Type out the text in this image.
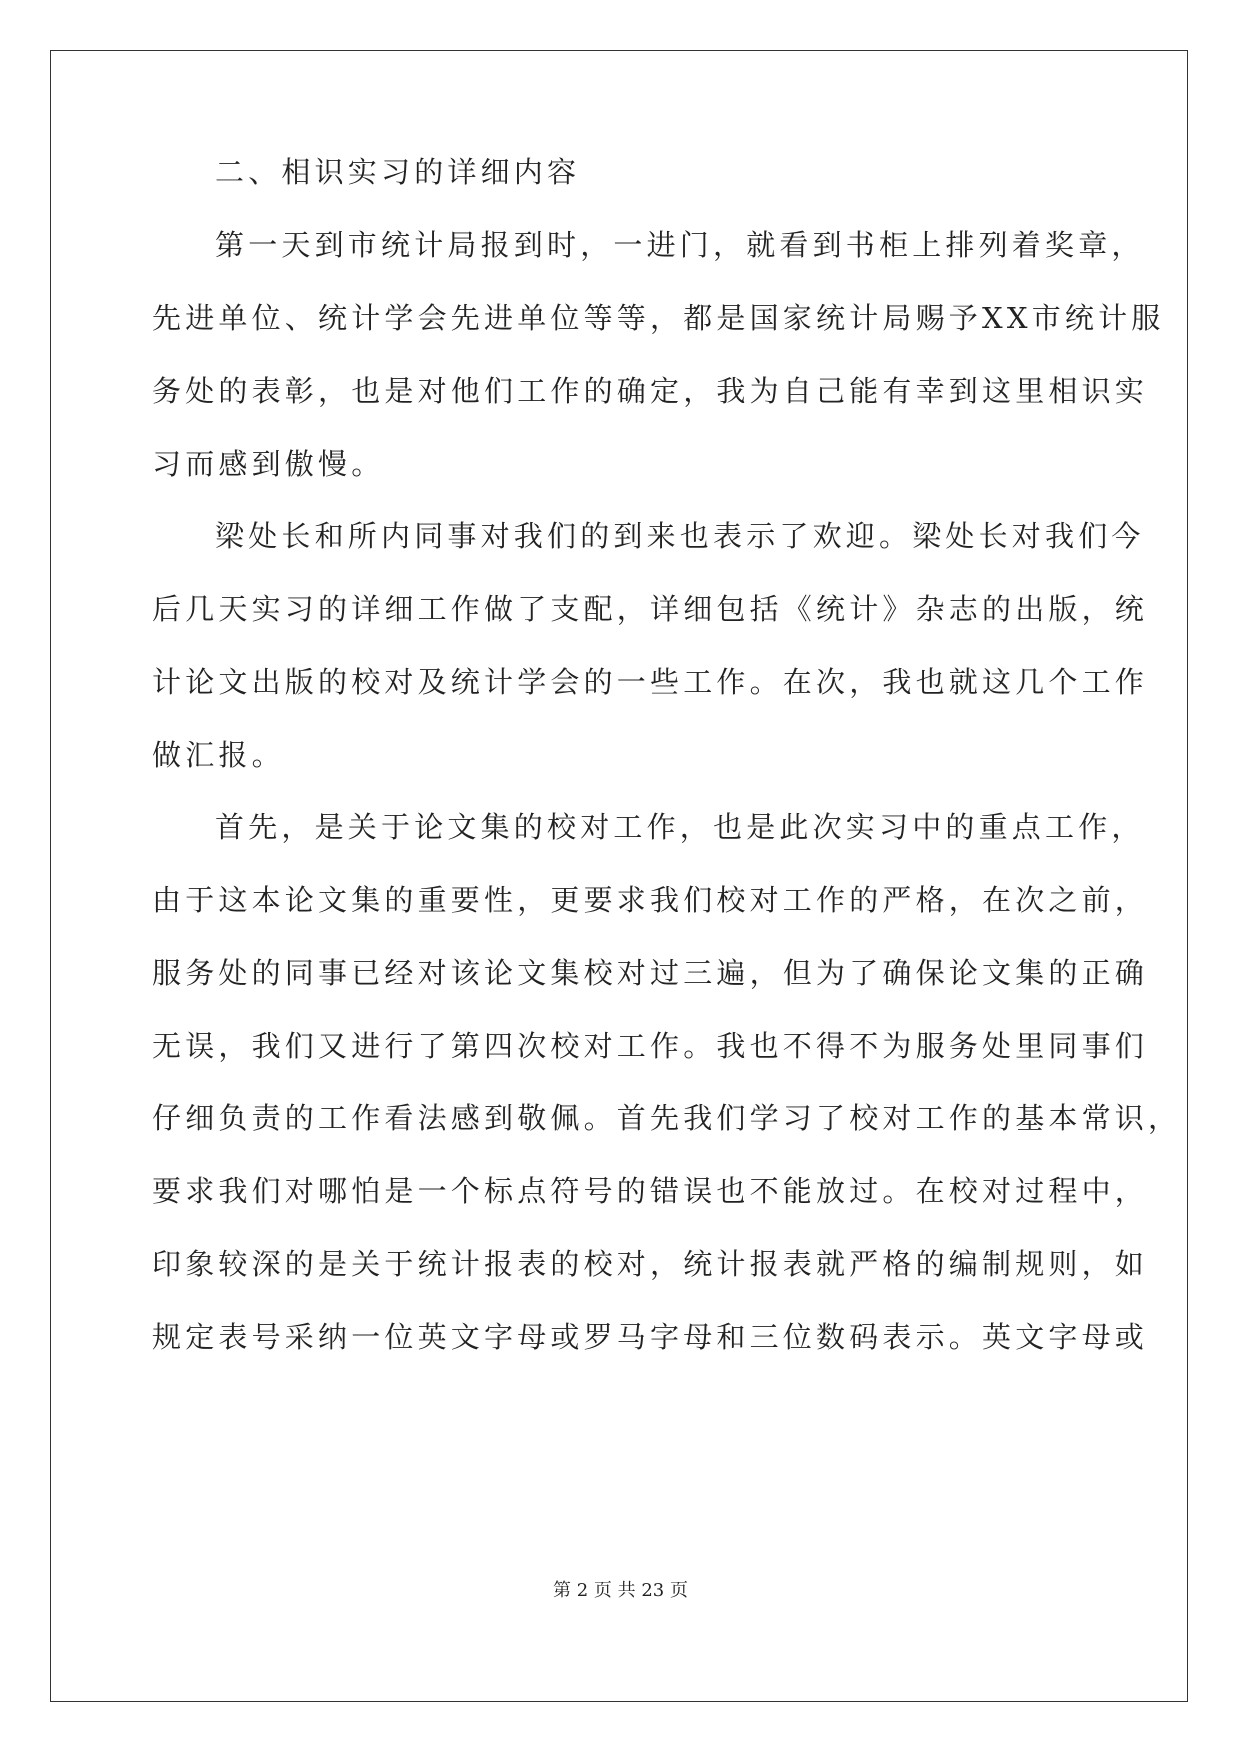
二、相识实习的详细内容
第一天到市统计局报到时，一进门，就看到书柜上排列着奖章，
先进单位、统计学会先进单位等等，都是国家统计局赐予XX市统计服
务处的表彰，也是对他们工作的确定，我为自己能有幸到这里相识实
习而感到傲慢。
梁处长和所内同事对我们的到来也表示了欢迎。梁处长对我们今
后几天实习的详细工作做了支配，详细包括《统计》杂志的出版，统
计论文出版的校对及统计学会的一些工作。在次，我也就这几个工作
做汇报。
首先，是关于论文集的校对工作，也是此次实习中的重点工作，
由于这本论文集的重要性，更要求我们校对工作的严格，在次之前，
服务处的同事已经对该论文集校对过三遍，但为了确保论文集的正确
无误，我们又进行了第四次校对工作。我也不得不为服务处里同事们
仔细负责的工作看法感到敬佩。首先我们学习了校对工作的基本常识，
要求我们对哪怕是一个标点符号的错误也不能放过。在校对过程中，
印象较深的是关于统计报表的校对，统计报表就严格的编制规则，如
规定表号采纳一位英文字母或罗马字母和三位数码表示。英文字母或
第 2 页 共 23 页
